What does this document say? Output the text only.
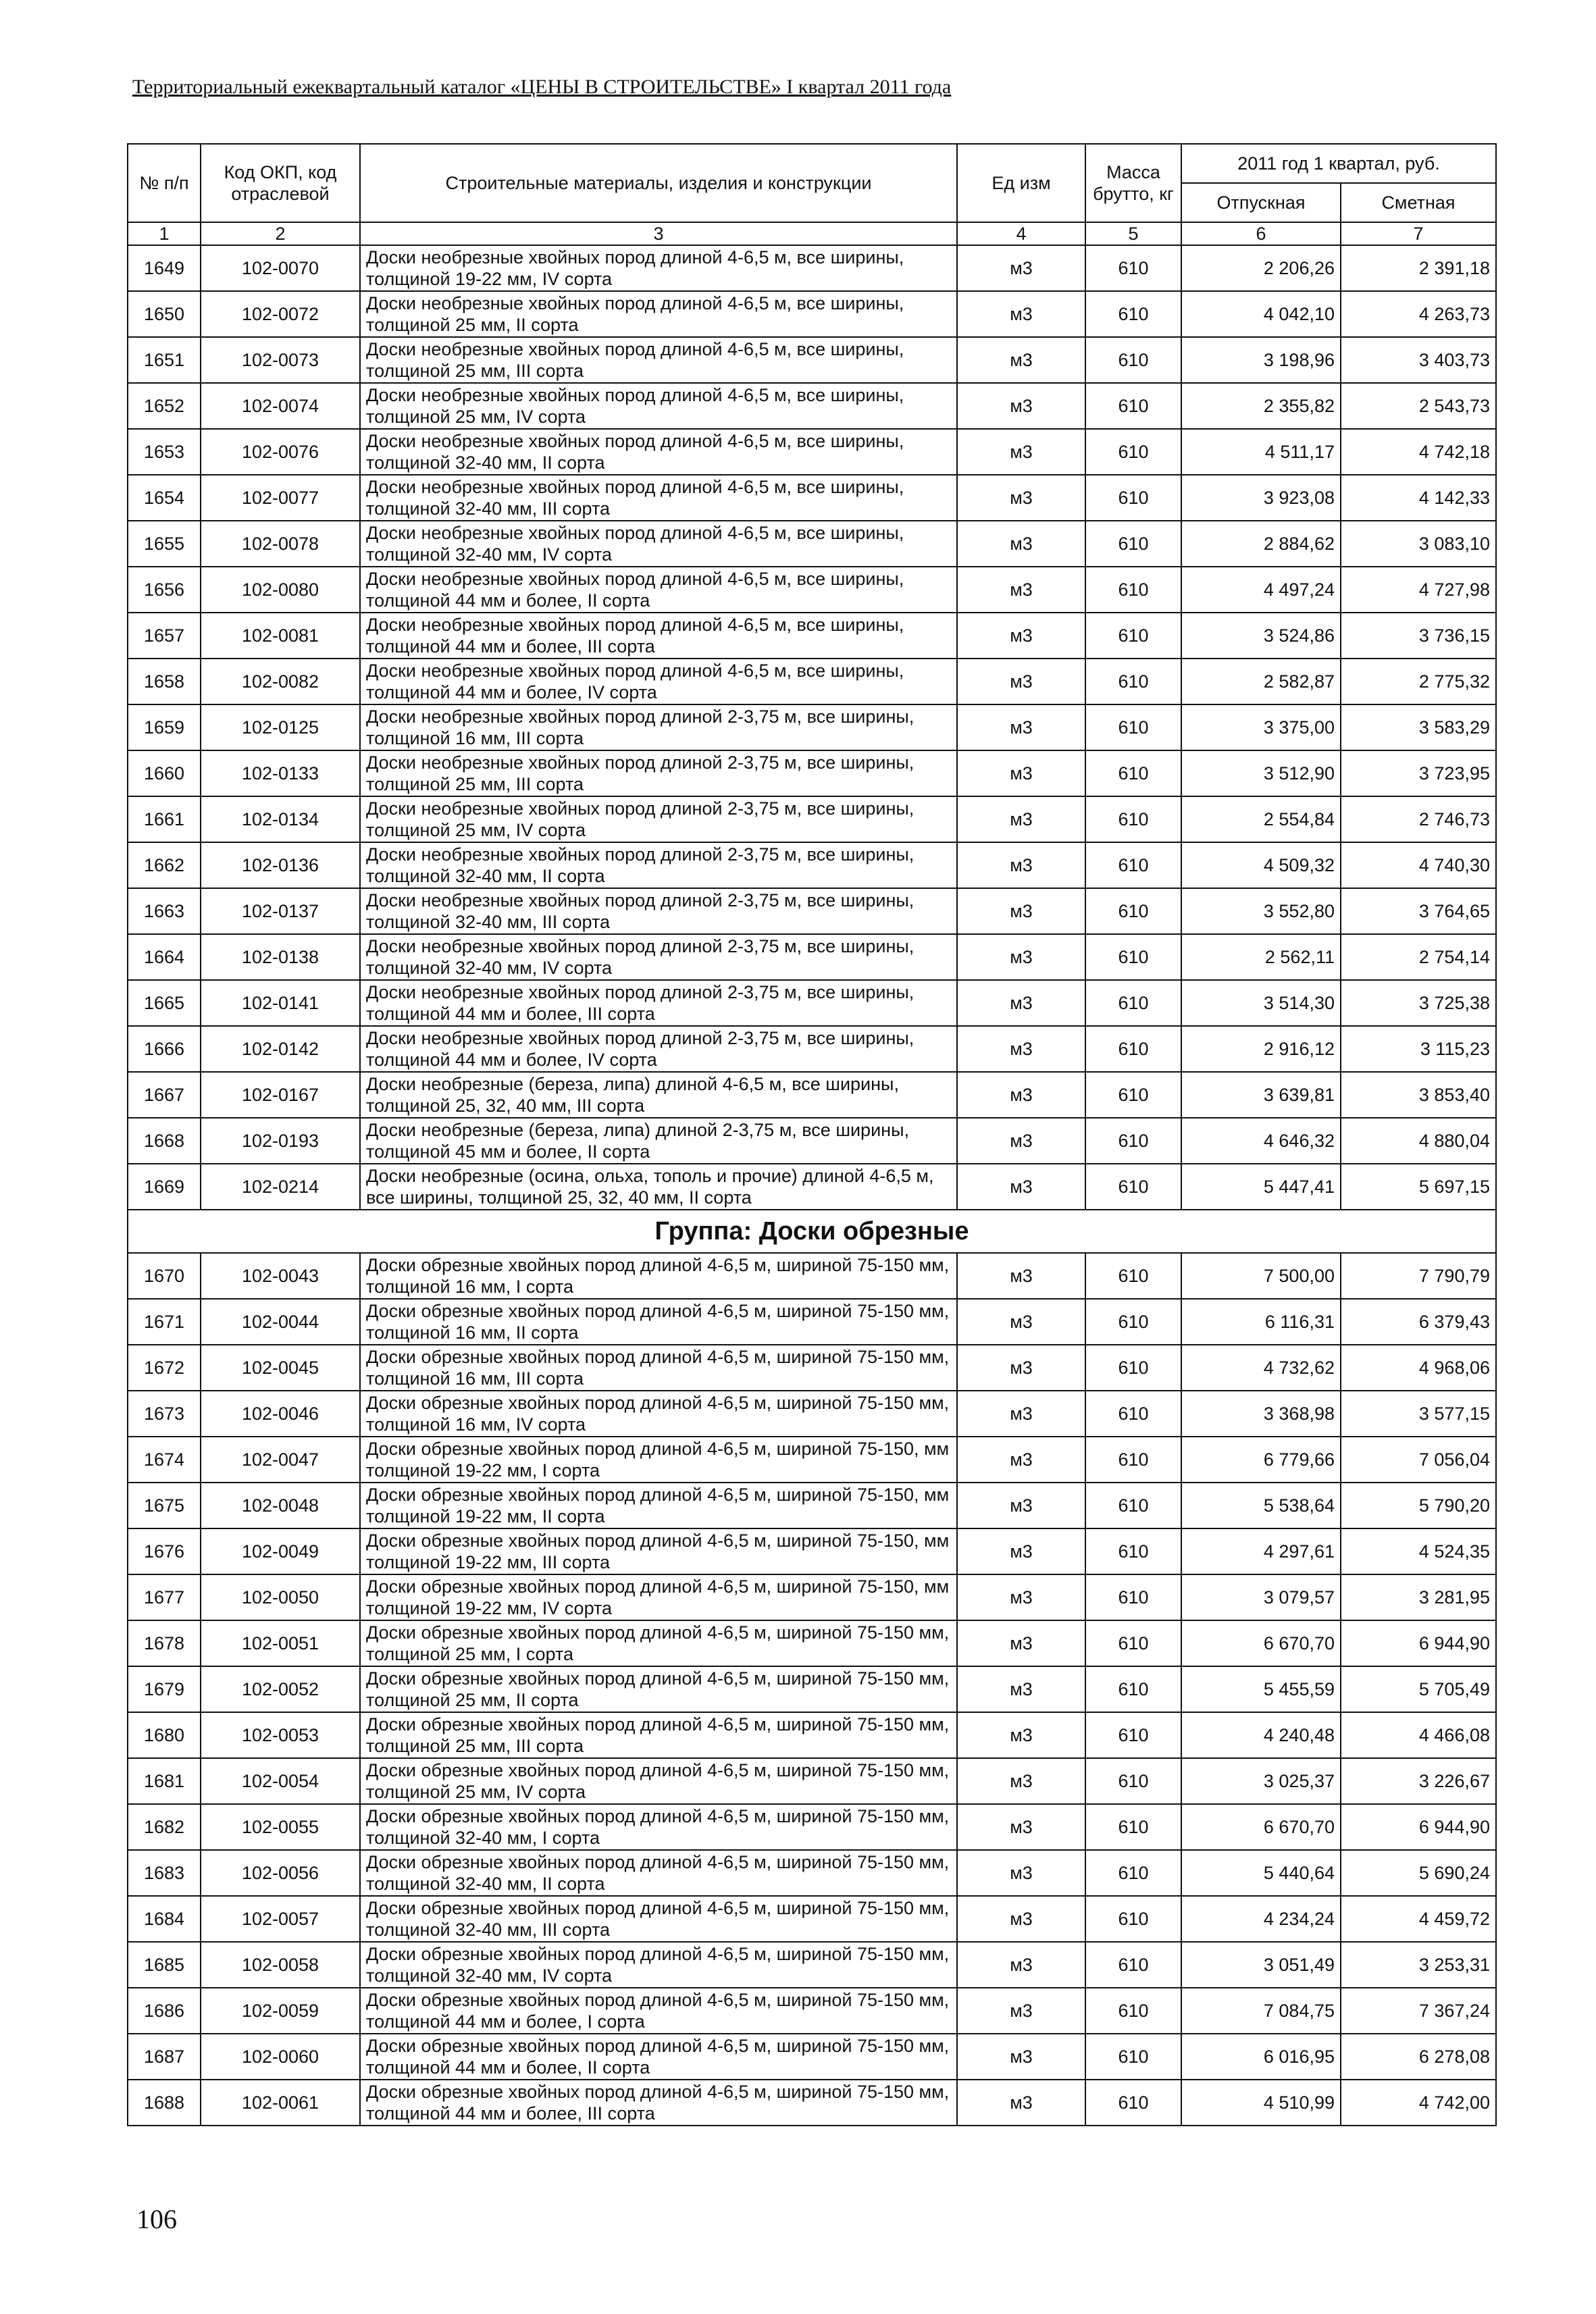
Территориальный ежеквартальный каталог «ЦЕНЫ В СТРОИТЕЛЬСТВЕ» I квартал 2011 года
№ п/п	Код ОКП, код отраслевой	Строительные материалы, изделия и конструкции	Ед изм	Масса брутто, кг	2011 год 1 квартал, руб.	
					Отпускная	Сметная
1	2	3	4	5	6	7
1649	102-0070	Доски необрезные хвойных пород длиной 4-6,5 м, все ширины, толщиной 19-22 мм, IV сорта	м3	610	2 206,26	2 391,18
1650	102-0072	Доски необрезные хвойных пород длиной 4-6,5 м, все ширины, толщиной 25 мм, II сорта	м3	610	4 042,10	4 263,73
1651	102-0073	Доски необрезные хвойных пород длиной 4-6,5 м, все ширины, толщиной 25 мм, III сорта	м3	610	3 198,96	3 403,73
1652	102-0074	Доски необрезные хвойных пород длиной 4-6,5 м, все ширины, толщиной 25 мм, IV сорта	м3	610	2 355,82	2 543,73
1653	102-0076	Доски необрезные хвойных пород длиной 4-6,5 м, все ширины, толщиной 32-40 мм, II сорта	м3	610	4 511,17	4 742,18
1654	102-0077	Доски необрезные хвойных пород длиной 4-6,5 м, все ширины, толщиной 32-40 мм, III сорта	м3	610	3 923,08	4 142,33
1655	102-0078	Доски необрезные хвойных пород длиной 4-6,5 м, все ширины, толщиной 32-40 мм, IV сорта	м3	610	2 884,62	3 083,10
1656	102-0080	Доски необрезные хвойных пород длиной 4-6,5 м, все ширины, толщиной 44 мм и более, II сорта	м3	610	4 497,24	4 727,98
1657	102-0081	Доски необрезные хвойных пород длиной 4-6,5 м, все ширины, толщиной 44 мм и более, III сорта	м3	610	3 524,86	3 736,15
1658	102-0082	Доски необрезные хвойных пород длиной 4-6,5 м, все ширины, толщиной 44 мм и более, IV сорта	м3	610	2 582,87	2 775,32
1659	102-0125	Доски необрезные хвойных пород длиной 2-3,75 м, все ширины, толщиной 16 мм, III сорта	м3	610	3 375,00	3 583,29
1660	102-0133	Доски необрезные хвойных пород длиной 2-3,75 м, все ширины, толщиной 25 мм, III сорта	м3	610	3 512,90	3 723,95
1661	102-0134	Доски необрезные хвойных пород длиной 2-3,75 м, все ширины, толщиной 25 мм, IV сорта	м3	610	2 554,84	2 746,73
1662	102-0136	Доски необрезные хвойных пород длиной 2-3,75 м, все ширины, толщиной 32-40 мм, II сорта	м3	610	4 509,32	4 740,30
1663	102-0137	Доски необрезные хвойных пород длиной 2-3,75 м, все ширины, толщиной 32-40 мм, III сорта	м3	610	3 552,80	3 764,65
1664	102-0138	Доски необрезные хвойных пород длиной 2-3,75 м, все ширины, толщиной 32-40 мм, IV сорта	м3	610	2 562,11	2 754,14
1665	102-0141	Доски необрезные хвойных пород длиной 2-3,75 м, все ширины, толщиной 44 мм и более, III сорта	м3	610	3 514,30	3 725,38
1666	102-0142	Доски необрезные хвойных пород длиной 2-3,75 м, все ширины, толщиной 44 мм и более, IV сорта	м3	610	2 916,12	3 115,23
1667	102-0167	Доски необрезные (береза, липа) длиной 4-6,5 м, все ширины, толщиной 25, 32, 40 мм, III сорта	м3	610	3 639,81	3 853,40
1668	102-0193	Доски необрезные (береза, липа) длиной 2-3,75 м, все ширины, толщиной 45 мм и более, II сорта	м3	610	4 646,32	4 880,04
1669	102-0214	Доски необрезные (осина, ольха, тополь и прочие) длиной 4-6,5 м, все ширины, толщиной 25, 32, 40 мм, II сорта	м3	610	5 447,41	5 697,15
Группа: Доски обрезные						
1670	102-0043	Доски обрезные хвойных пород длиной 4-6,5 м, шириной 75-150 мм, толщиной 16 мм, I сорта	м3	610	7 500,00	7 790,79
1671	102-0044	Доски обрезные хвойных пород длиной 4-6,5 м, шириной 75-150 мм, толщиной 16 мм, II сорта	м3	610	6 116,31	6 379,43
1672	102-0045	Доски обрезные хвойных пород длиной 4-6,5 м, шириной 75-150 мм, толщиной 16 мм, III сорта	м3	610	4 732,62	4 968,06
1673	102-0046	Доски обрезные хвойных пород длиной 4-6,5 м, шириной 75-150 мм, толщиной 16 мм, IV сорта	м3	610	3 368,98	3 577,15
1674	102-0047	Доски обрезные хвойных пород длиной 4-6,5 м, шириной 75-150, мм толщиной 19-22 мм, I сорта	м3	610	6 779,66	7 056,04
1675	102-0048	Доски обрезные хвойных пород длиной 4-6,5 м, шириной 75-150, мм толщиной 19-22 мм, II сорта	м3	610	5 538,64	5 790,20
1676	102-0049	Доски обрезные хвойных пород длиной 4-6,5 м, шириной 75-150, мм толщиной 19-22 мм, III сорта	м3	610	4 297,61	4 524,35
1677	102-0050	Доски обрезные хвойных пород длиной 4-6,5 м, шириной 75-150, мм толщиной 19-22 мм, IV сорта	м3	610	3 079,57	3 281,95
1678	102-0051	Доски обрезные хвойных пород длиной 4-6,5 м, шириной 75-150 мм, толщиной 25 мм, I сорта	м3	610	6 670,70	6 944,90
1679	102-0052	Доски обрезные хвойных пород длиной 4-6,5 м, шириной 75-150 мм, толщиной 25 мм, II сорта	м3	610	5 455,59	5 705,49
1680	102-0053	Доски обрезные хвойных пород длиной 4-6,5 м, шириной 75-150 мм, толщиной 25 мм, III сорта	м3	610	4 240,48	4 466,08
1681	102-0054	Доски обрезные хвойных пород длиной 4-6,5 м, шириной 75-150 мм, толщиной 25 мм, IV сорта	м3	610	3 025,37	3 226,67
1682	102-0055	Доски обрезные хвойных пород длиной 4-6,5 м, шириной 75-150 мм, толщиной 32-40 мм, I сорта	м3	610	6 670,70	6 944,90
1683	102-0056	Доски обрезные хвойных пород длиной 4-6,5 м, шириной 75-150 мм, толщиной 32-40 мм, II сорта	м3	610	5 440,64	5 690,24
1684	102-0057	Доски обрезные хвойных пород длиной 4-6,5 м, шириной 75-150 мм, толщиной 32-40 мм, III сорта	м3	610	4 234,24	4 459,72
1685	102-0058	Доски обрезные хвойных пород длиной 4-6,5 м, шириной 75-150 мм, толщиной 32-40 мм, IV сорта	м3	610	3 051,49	3 253,31
1686	102-0059	Доски обрезные хвойных пород длиной 4-6,5 м, шириной 75-150 мм, толщиной 44 мм и более, I сорта	м3	610	7 084,75	7 367,24
1687	102-0060	Доски обрезные хвойных пород длиной 4-6,5 м, шириной 75-150 мм, толщиной 44 мм и более, II сорта	м3	610	6 016,95	6 278,08
1688	102-0061	Доски обрезные хвойных пород длиной 4-6,5 м, шириной 75-150 мм, толщиной 44 мм и более, III сорта	м3	610	4 510,99	4 742,00
106
